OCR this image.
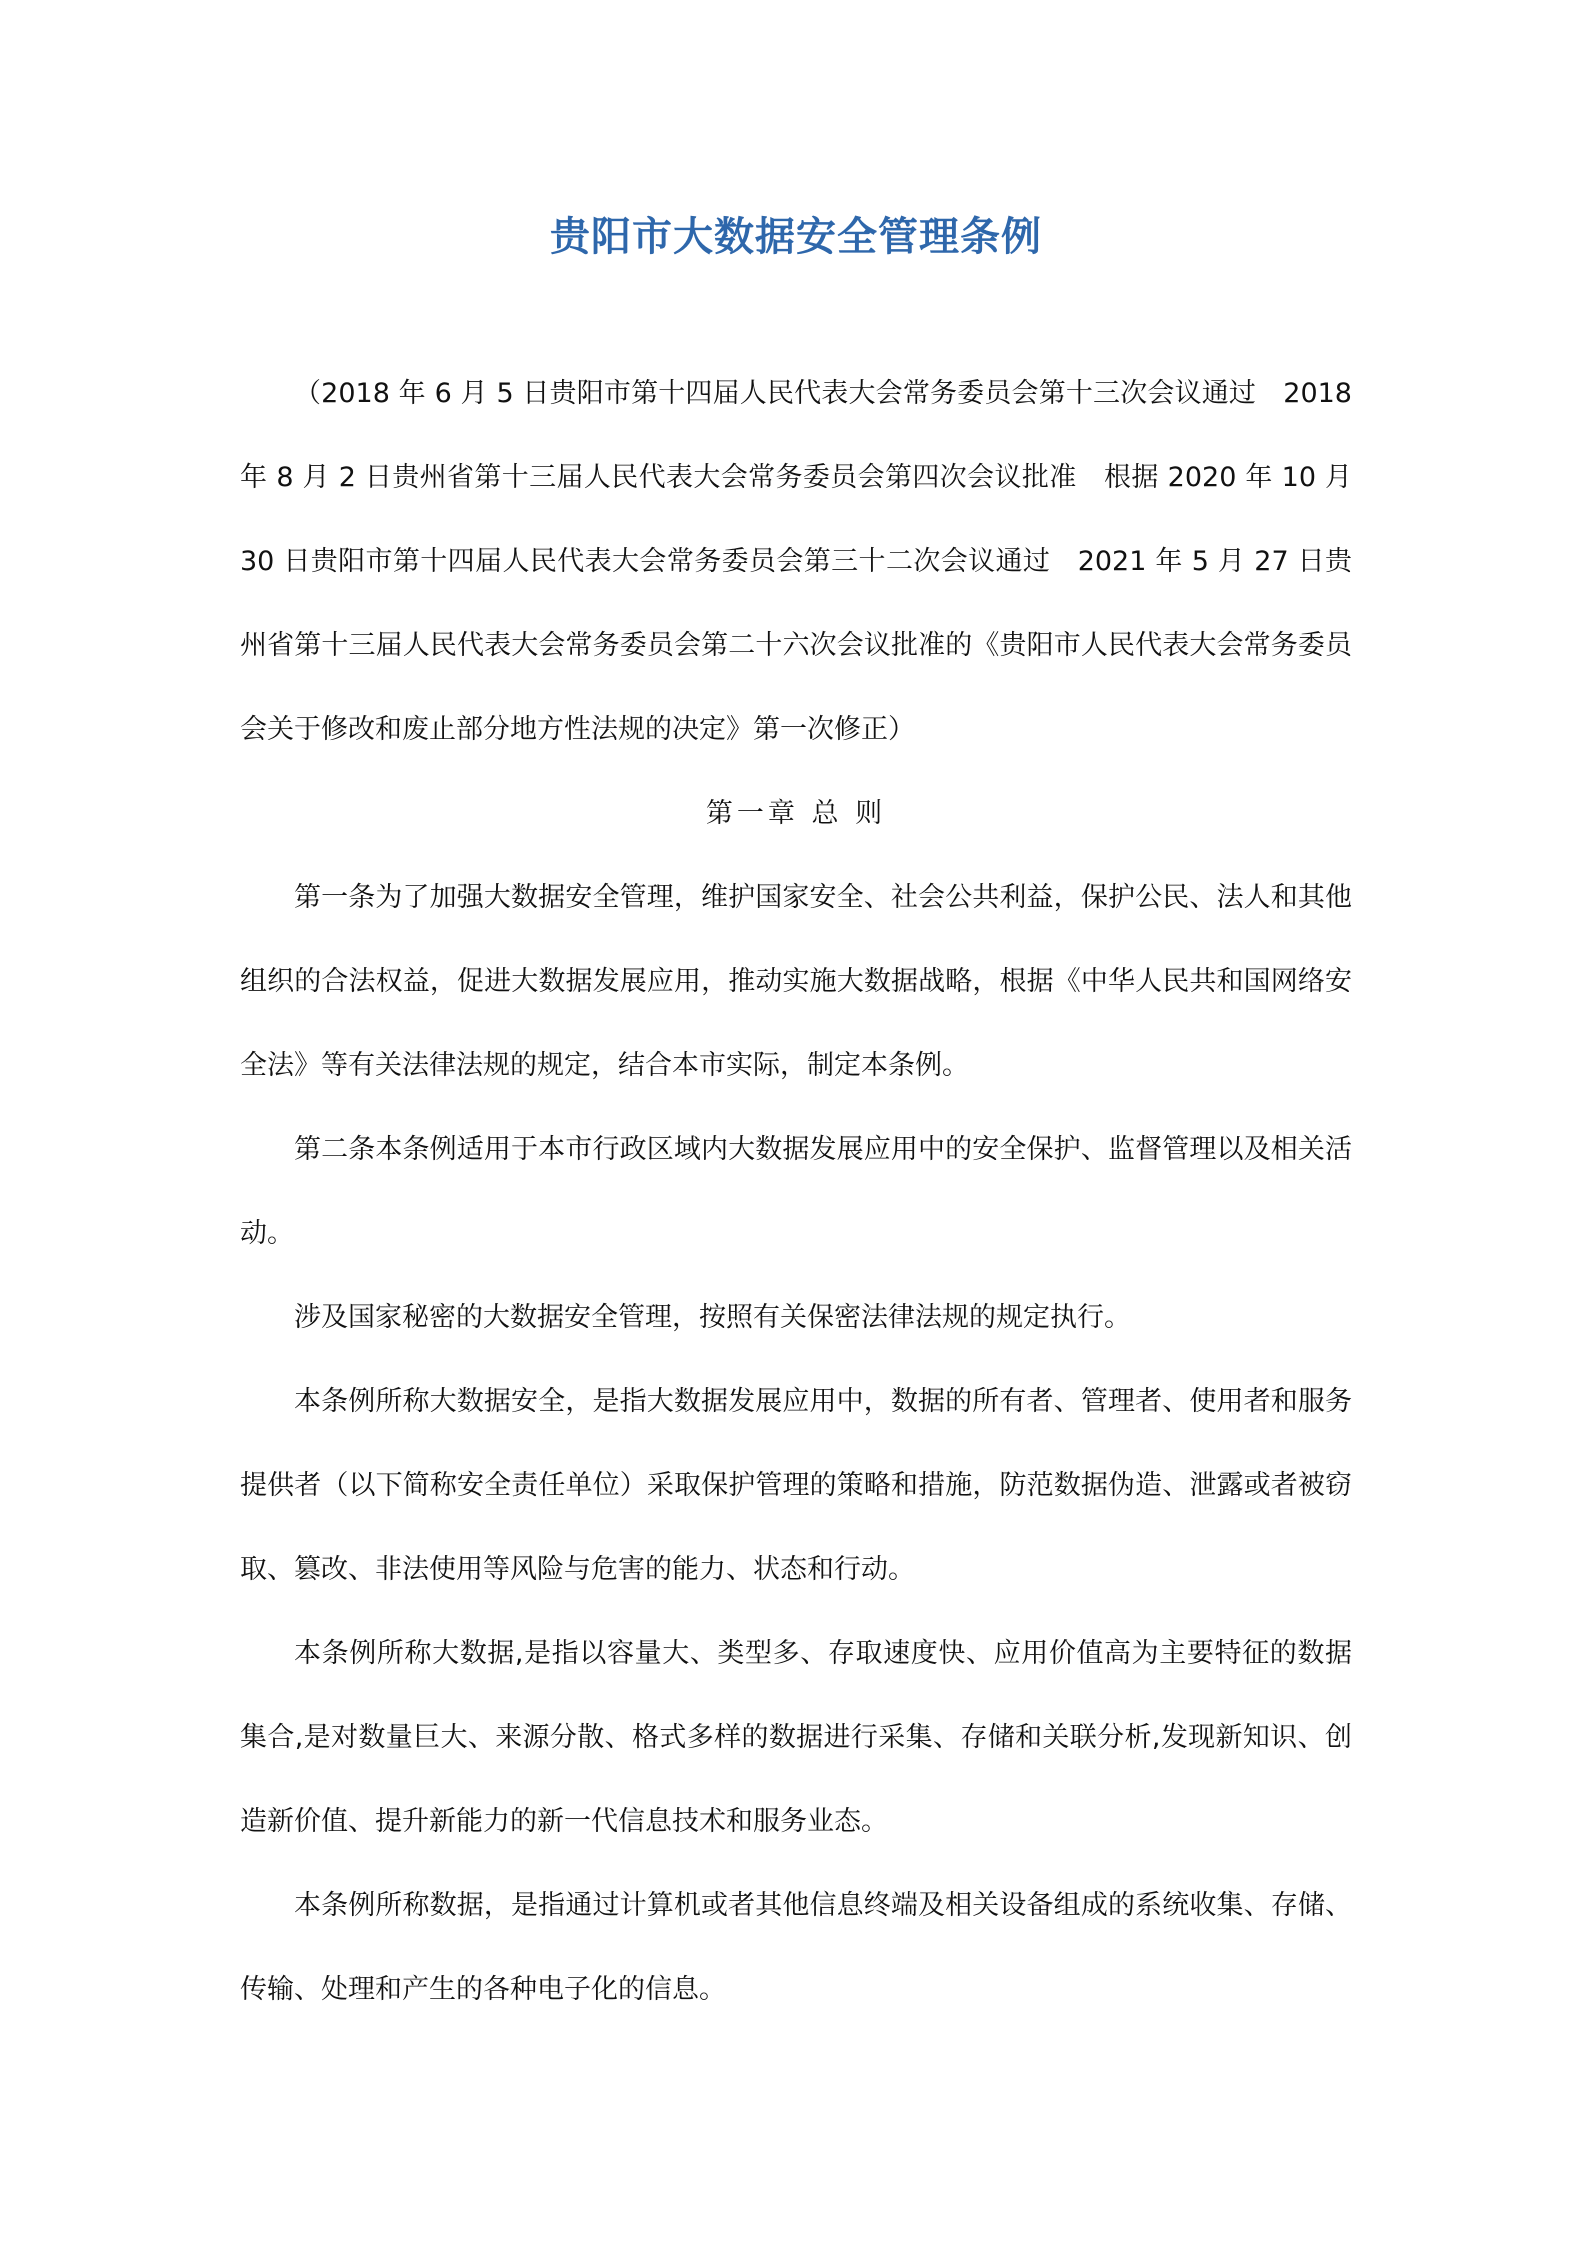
贵阳市大数据安全管理条例

（2018 年 6 月 5 日贵阳市第十四届人民代表大会常务委员会第十三次会议通过　2018 年 8 月 2 日贵州省第十三届人民代表大会常务委员会第四次会议批准　根据 2020 年 10 月 30 日贵阳市第十四届人民代表大会常务委员会第三十二次会议通过　2021 年 5 月 27 日贵州省第十三届人民代表大会常务委员会第二十六次会议批准的《贵阳市人民代表大会常务委员会关于修改和废止部分地方性法规的决定》第一次修正）

第一章 总 则

第一条为了加强大数据安全管理，维护国家安全、社会公共利益，保护公民、法人和其他组织的合法权益，促进大数据发展应用，推动实施大数据战略，根据《中华人民共和国网络安全法》等有关法律法规的规定，结合本市实际，制定本条例。

第二条本条例适用于本市行政区域内大数据发展应用中的安全保护、监督管理以及相关活动。

涉及国家秘密的大数据安全管理，按照有关保密法律法规的规定执行。

本条例所称大数据安全，是指大数据发展应用中，数据的所有者、管理者、使用者和服务提供者（以下简称安全责任单位）采取保护管理的策略和措施，防范数据伪造、泄露或者被窃取、篡改、非法使用等风险与危害的能力、状态和行动。

本条例所称大数据,是指以容量大、类型多、存取速度快、应用价值高为主要特征的数据集合,是对数量巨大、来源分散、格式多样的数据进行采集、存储和关联分析,发现新知识、创造新价值、提升新能力的新一代信息技术和服务业态。

本条例所称数据，是指通过计算机或者其他信息终端及相关设备组成的系统收集、存储、传输、处理和产生的各种电子化的信息。
